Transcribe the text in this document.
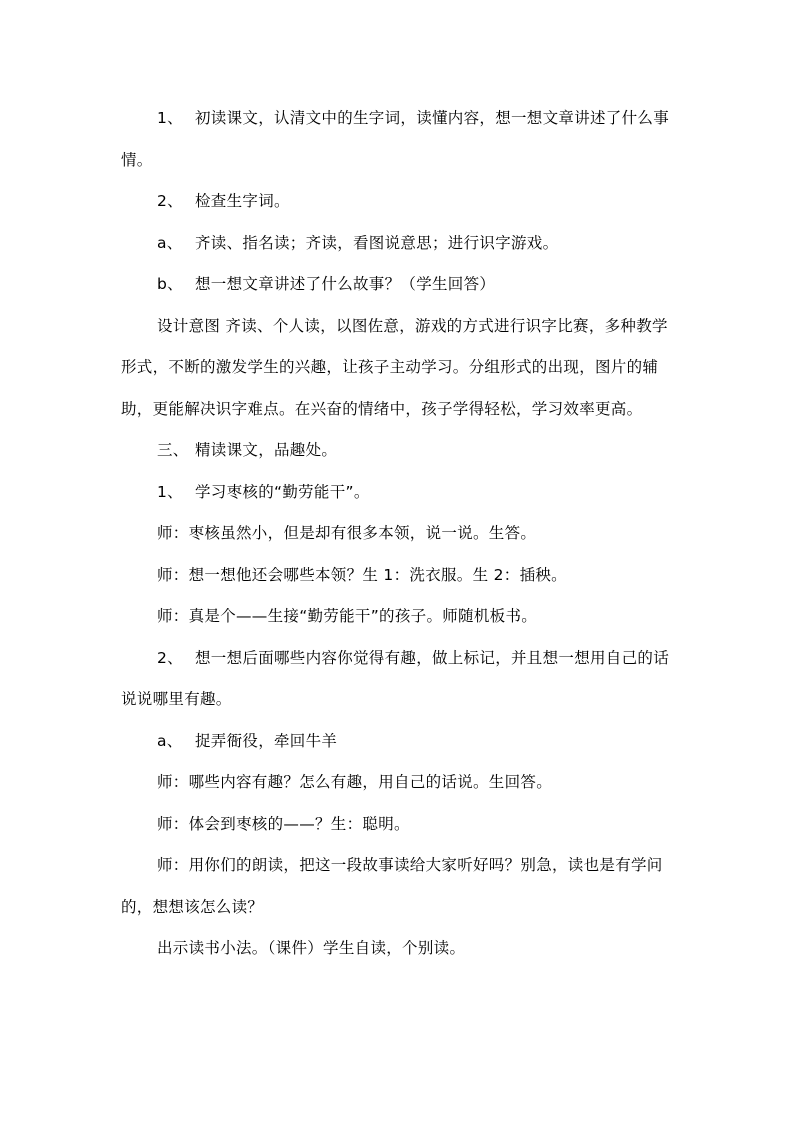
1、 初读课文，认清文中的生字词，读懂内容，想一想文章讲述了什么事情。

2、 检查生字词。

a、 齐读、指名读；齐读，看图说意思；进行识字游戏。

b、 想一想文章讲述了什么故事？（学生回答）

设计意图 齐读、个人读，以图佐意，游戏的方式进行识字比赛，多种教学形式，不断的激发学生的兴趣，让孩子主动学习。分组形式的出现，图片的辅助，更能解决识字难点。在兴奋的情绪中，孩子学得轻松，学习效率更高。

三、 精读课文，品趣处。

1、 学习枣核的“勤劳能干”。

师：枣核虽然小，但是却有很多本领，说一说。生答。

师：想一想他还会哪些本领？生 1：洗衣服。生 2：插秧。

师：真是个——生接“勤劳能干”的孩子。师随机板书。

2、 想一想后面哪些内容你觉得有趣，做上标记，并且想一想用自己的话说说哪里有趣。

a、 捉弄衙役，牵回牛羊

师：哪些内容有趣？怎么有趣，用自己的话说。生回答。

师：体会到枣核的——？生：聪明。

师：用你们的朗读，把这一段故事读给大家听好吗？别急，读也是有学问的，想想该怎么读？

出示读书小法。（课件）学生自读，个别读。
